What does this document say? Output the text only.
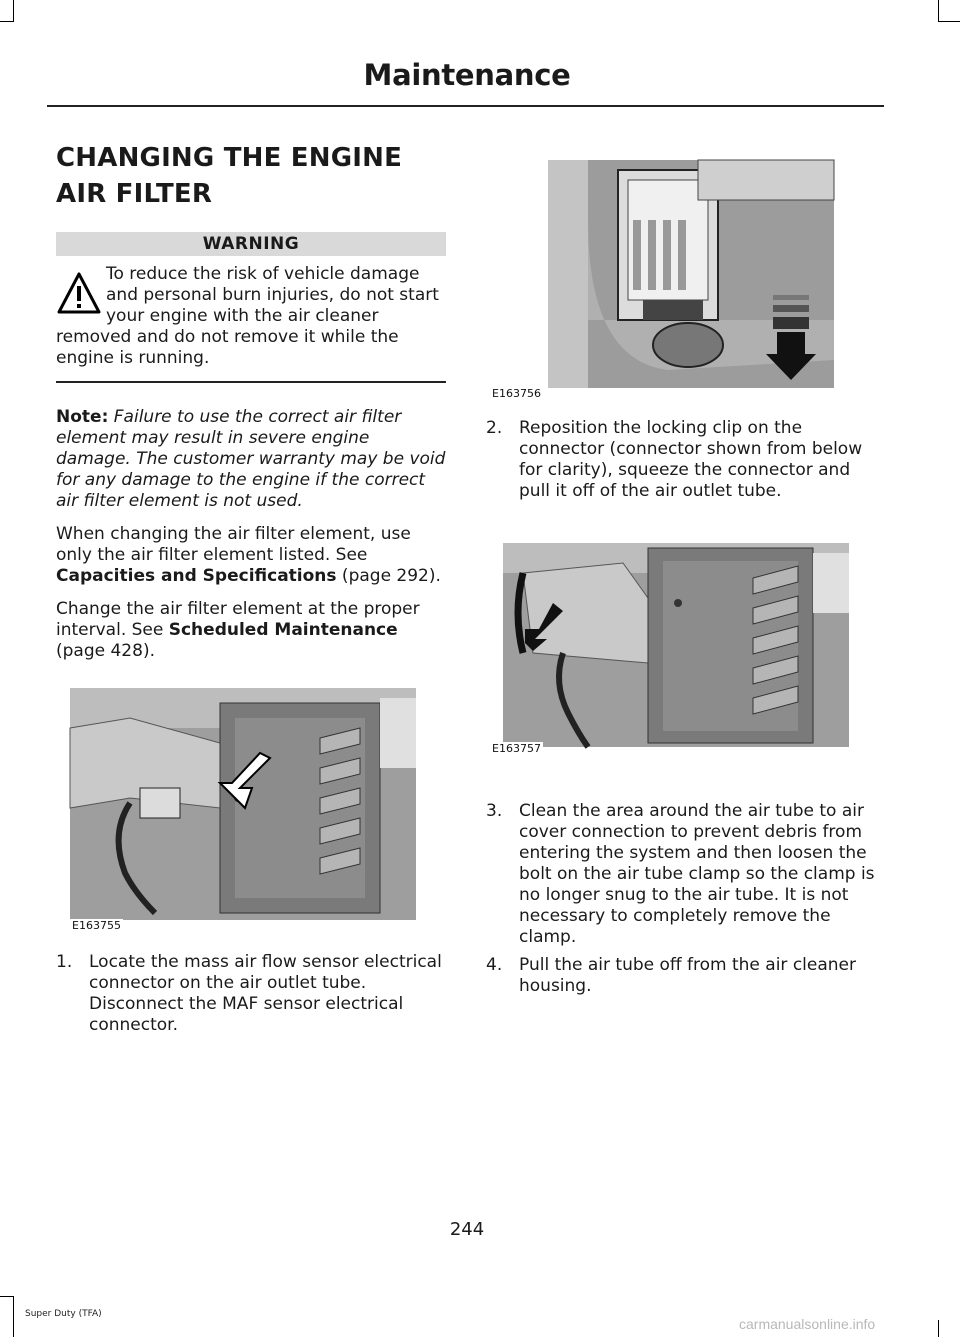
Maintenance
CHANGING THE ENGINE AIR FILTER
WARNING

To reduce the risk of vehicle damage and personal burn injuries, do not start your engine with the air cleaner removed and do not remove it while the engine is running.

Note: Failure to use the correct air filter element may result in severe engine damage. The customer warranty may be void for any damage to the engine if the correct air filter element is not used.

When changing the air filter element, use only the air filter element listed. See Capacities and Specifications (page 292).

Change the air filter element at the proper interval. See Scheduled Maintenance (page 428).

E163755

1. Locate the mass air flow sensor electrical connector on the air outlet tube. Disconnect the MAF sensor electrical connector.

E163756

2. Reposition the locking clip on the connector (connector shown from below for clarity), squeeze the connector and pull it off of the air outlet tube.

E163757

3. Clean the area around the air tube to air cover connection to prevent debris from entering the system and then loosen the bolt on the air tube clamp so the clamp is no longer snug to the air tube. It is not necessary to completely remove the clamp.

4. Pull the air tube off from the air cleaner housing.

244
Super Duty (TFA)
carmanualsonline.info
